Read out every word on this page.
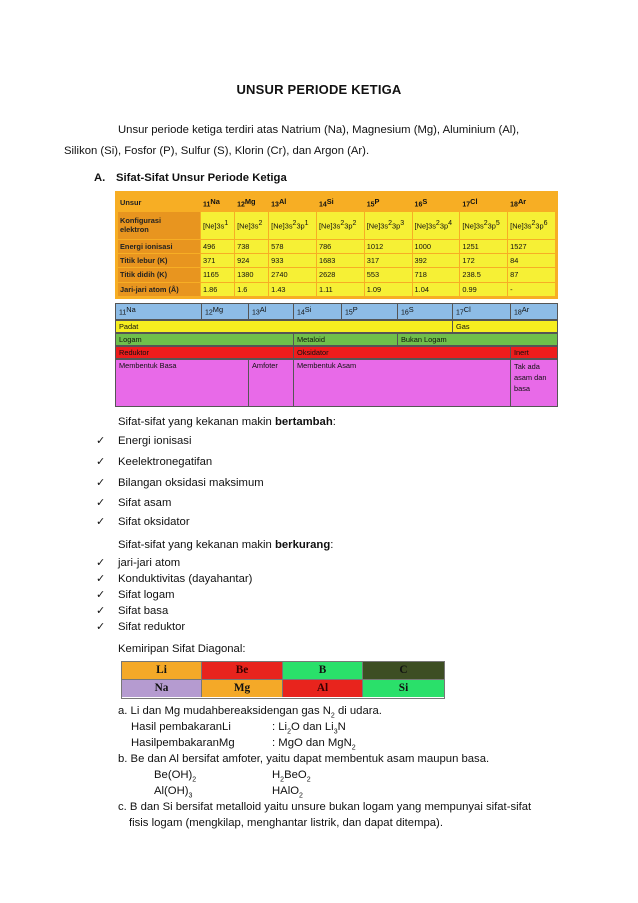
UNSUR PERIODE KETIGA
Unsur periode ketiga terdiri atas Natrium (Na), Magnesium (Mg), Aluminium (Al),
Silikon (Si), Fosfor (P), Sulfur (S), Klorin (Cr), dan Argon (Ar).
A. Sifat-Sifat Unsur Periode Ketiga
Unsur	$_{11}$Na	$_{12}$Mg	$_{13}$Al	$_{14}$Si	$_{15}$P	$_{16}$S	$_{17}$Cl	$_{18}$Ar
Konfigurasi
elektron	$[Ne]3s^1$	$[Ne]3s^2$	$[Ne]3s^23p^1$	$[Ne]3s^23p^2$	$[Ne]3s^23p^3$	$[Ne]3s^23p^4$	$[Ne]3s^23p^5$	$[Ne]3s^23p^6$
Energi ionisasi	496	738	578	786	1012	1000	1251	1527
Titik lebur (K)	371	924	933	1683	317	392	172	84
Titik didih (K)	1165	1380	2740	2628	553	718	238.5	87
Jari-jari atom (Å)	1.86	1.6	1.43	1.11	1.09	1.04	0.99	-
$_{11}$Na	$_{12}$Mg	$_{13}$Al	$_{14}$Si	$_{15}$P	$_{16}$S	$_{17}$Cl	$_{18}$Ar
Padat	Gas
Logam	Metaloid	Bukan Logam
Reduktor	Oksidator	Inert
Membentuk Basa	Amfoter	Membentuk Asam	Tak ada
asam dan
basa
Sifat-sifat yang kekanan makin bertambah:
✓ Energi ionisasi
✓ Keelektronegatifan
✓ Bilangan oksidasi maksimum
✓ Sifat asam
✓ Sifat oksidator
Sifat-sifat yang kekanan makin berkurang:
✓ jari-jari atom
✓ Konduktivitas (dayahantar)
✓ Sifat logam
✓ Sifat basa
✓ Sifat reduktor
Kemiripan Sifat Diagonal:
Li	Be	B	C
Na	Mg	Al	Si
a. Li dan Mg mudahbereaksidengan gas $N_2$ di udara.
Hasil pembakaranLi	: $Li_2O$ dan $Li_3N$
HasilpembakaranMg	: MgO dan MgN$_2$
b. Be dan Al bersifat amfoter, yaitu dapat membentuk asam maupun basa.
$Be(OH)_2$	$H_2BeO_2$
$Al(OH)_3$	HAlO$_2$
c. B dan Si bersifat metalloid yaitu unsure bukan logam yang mempunyai sifat-sifat
fisis logam (mengkilap, menghantar listrik, dan dapat ditempa).
